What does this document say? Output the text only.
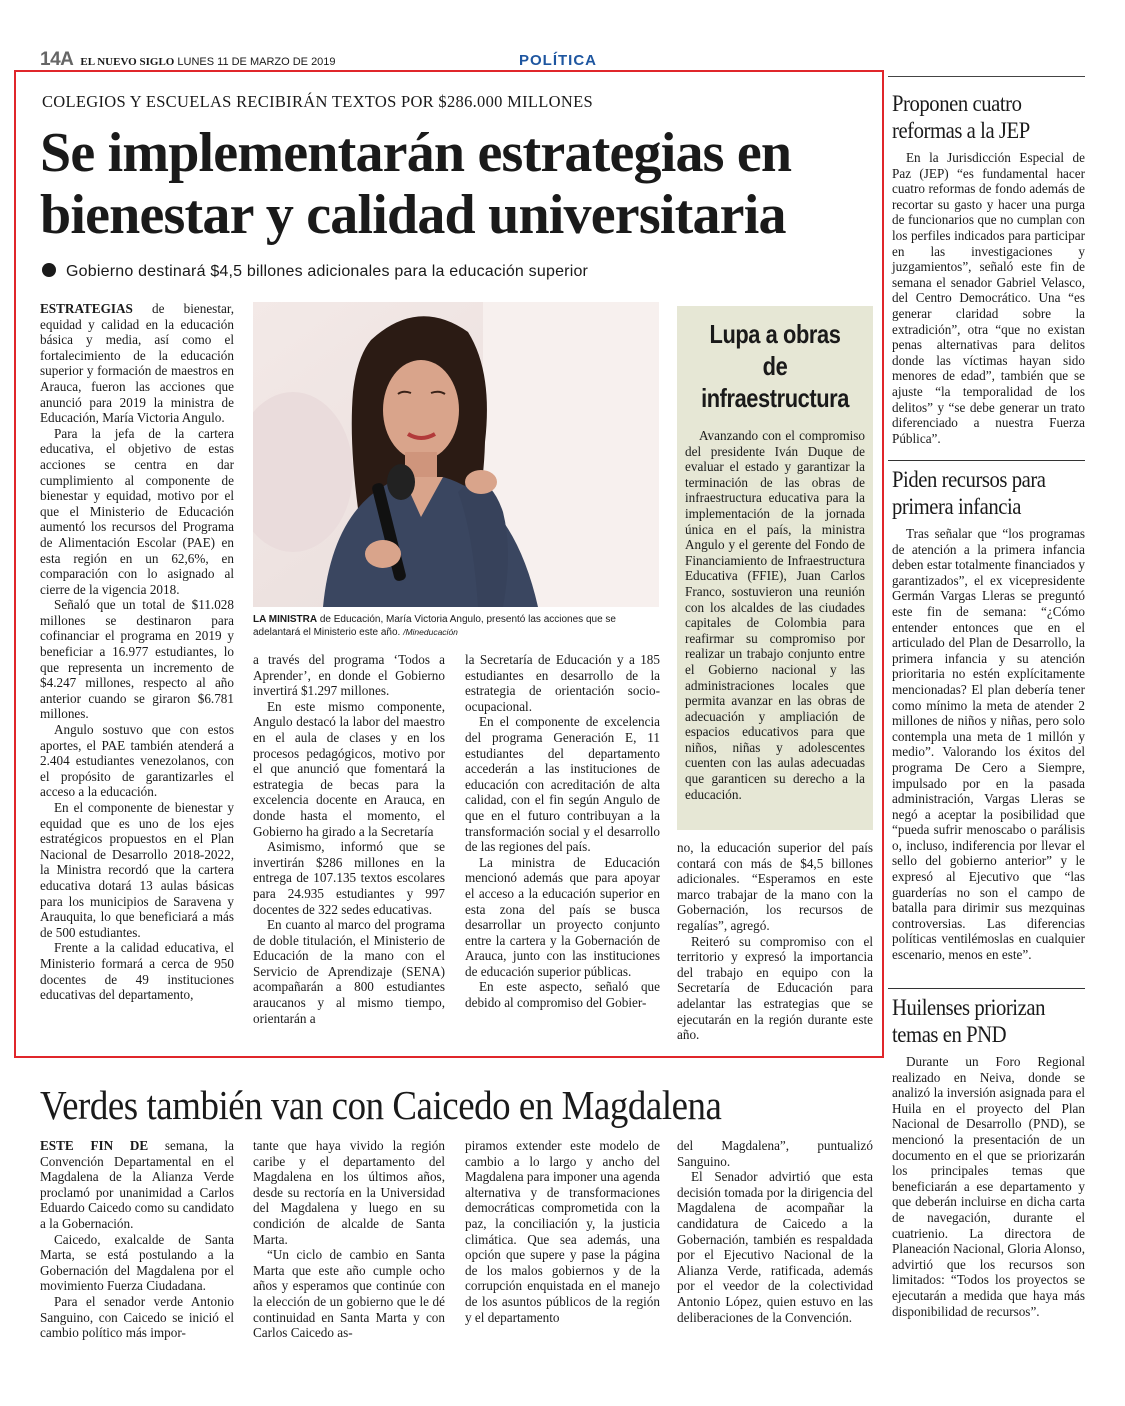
14A EL NUEVO SIGLO LUNES 11 DE MARZO DE 2019	POLÍTICA
COLEGIOS Y ESCUELAS RECIBIRÁN TEXTOS POR $286.000 MILLONES
Se implementarán estrategias en
bienestar y calidad universitaria
Gobierno destinará $4,5 billones adicionales para la educación superior

ESTRATEGIAS de bienestar, equidad y calidad en la educación básica y media, así como el fortalecimiento de la educación superior y formación de maestros en Arauca, fueron las acciones que anunció para 2019 la ministra de Educación, María Victoria Angulo.

Para la jefa de la cartera educativa, el objetivo de estas acciones se centra en dar cumplimiento al componente de bienestar y equidad, motivo por el que el Ministerio de Educación aumentó los recursos del Programa de Alimentación Escolar (PAE) en esta región en un 62,6%, en comparación con lo asignado al cierre de la vigencia 2018.

Señaló que un total de $11.028 millones se destinaron para cofinanciar el programa en 2019 y beneficiar a 16.977 estudiantes, lo que representa un incremento de $4.247 millones, respecto al año anterior cuando se giraron $6.781 millones.

Angulo sostuvo que con estos aportes, el PAE también atenderá a 2.404 estudiantes venezolanos, con el propósito de garantizarles el acceso a la educación.

En el componente de bienestar y equidad que es uno de los ejes estratégicos propuestos en el Plan Nacional de Desarrollo 2018-2022, la Ministra recordó que la cartera educativa dotará 13 aulas básicas para los municipios de Saravena y Arauquita, lo que beneficiará a más de 500 estudiantes.

Frente a la calidad educativa, el Ministerio formará a cerca de 950 docentes de 49 instituciones educativas del departamento,

LA MINISTRA de Educación, María Victoria Angulo, presentó las acciones que se adelantará el Ministerio este año. /Mineducación

a través del programa ‘Todos a Aprender’, en donde el Gobierno invertirá $1.297 millones.

En este mismo componente, Angulo destacó la labor del maestro en el aula de clases y en los procesos pedagógicos, motivo por el que anunció que fomentará la estrategia de becas para la excelencia docente en Arauca, en donde hasta el momento, el Gobierno ha girado a la Secretaría

Asimismo, informó que se invertirán $286 millones en la entrega de 107.135 textos escolares para 24.935 estudiantes y 997 docentes de 322 sedes educativas.

En cuanto al marco del programa de doble titulación, el Ministerio de Educación de la mano con el Servicio de Aprendizaje (SENA) acompañarán a 800 estudiantes araucanos y al mismo tiempo, orientarán a

la Secretaría de Educación y a 185 estudiantes en desarrollo de la estrategia de orientación socio-ocupacional.

En el componente de excelencia del programa Generación E, 11 estudiantes del departamento accederán a las instituciones de educación con acreditación de alta calidad, con el fin según Angulo de que en el futuro contribuyan a la transformación social y el desarrollo de las regiones del país.

La ministra de Educación mencionó además que para apoyar el acceso a la educación superior en esta zona del país se busca desarrollar un proyecto conjunto entre la cartera y la Gobernación de Arauca, junto con las instituciones de educación superior públicas.

En este aspecto, señaló que debido al compromiso del Gobier-

Lupa a obras de infraestructura
Avanzando con el compromiso del presidente Iván Duque de evaluar el estado y garantizar la terminación de las obras de infraestructura educativa para la implementación de la jornada única en el país, la ministra Angulo y el gerente del Fondo de Financiamiento de Infraestructura Educativa (FFIE), Juan Carlos Franco, sostuvieron una reunión con los alcaldes de las ciudades capitales de Colombia para reafirmar su compromiso por realizar un trabajo conjunto entre el Gobierno nacional y las administraciones locales que permita avanzar en las obras de adecuación y ampliación de espacios educativos para que niños, niñas y adolescentes cuenten con las aulas adecuadas que garanticen su derecho a la educación.

no, la educación superior del país contará con más de $4,5 billones adicionales. “Esperamos en este marco trabajar de la mano con la Gobernación, los recursos de regalías”, agregó.

Reiteró su compromiso con el territorio y expresó la importancia del trabajo en equipo con la Secretaría de Educación para adelantar las estrategias que se ejecutarán en la región durante este año.

Proponen cuatro
reformas a la JEP
En la Jurisdicción Especial de Paz (JEP) “es fundamental hacer cuatro reformas de fondo además de recortar su gasto y hacer una purga de funcionarios que no cumplan con los perfiles indicados para participar en las investigaciones y juzgamientos”, señaló este fin de semana el senador Gabriel Velasco, del Centro Democrático. Una “es generar claridad sobre la extradición”, otra “que no existan penas alternativas para delitos donde las víctimas hayan sido menores de edad”, también que se ajuste “la temporalidad de los delitos” y “se debe generar un trato diferenciado a nuestra Fuerza Pública”.
Piden recursos para
primera infancia
Tras señalar que “los programas de atención a la primera infancia deben estar totalmente financiados y garantizados”, el ex vicepresidente Germán Vargas Lleras se preguntó este fin de semana: “¿Cómo entender entonces que en el articulado del Plan de Desarrollo, la primera infancia y su atención prioritaria no estén explícitamente mencionadas? El plan debería tener como mínimo la meta de atender 2 millones de niños y niñas, pero solo contempla una meta de 1 millón y medio”. Valorando los éxitos del programa De Cero a Siempre, impulsado por en la pasada administración, Vargas Lleras se negó a aceptar la posibilidad que “pueda sufrir menoscabo o parálisis o, incluso, indiferencia por llevar el sello del gobierno anterior” y le expresó al Ejecutivo que “las guarderías no son el campo de batalla para dirimir sus mezquinas controversias. Las diferencias políticas ventilémoslas en cualquier escenario, menos en este”.
Huilenses priorizan
temas en PND
Durante un Foro Regional realizado en Neiva, donde se analizó la inversión asignada para el Huila en el proyecto del Plan Nacional de Desarrollo (PND), se mencionó la presentación de un documento en el que se priorizarán los principales temas que beneficiarán a ese departamento y que deberán incluirse en dicha carta de navegación, durante el cuatrienio. La directora de Planeación Nacional, Gloria Alonso, advirtió que los recursos son limitados: “Todos los proyectos se ejecutarán a medida que haya más disponibilidad de recursos”.
Verdes también van con Caicedo en Magdalena

ESTE FIN DE semana, la Convención Departamental en el Magdalena de la Alianza Verde proclamó por unanimidad a Carlos Eduardo Caicedo como su candidato a la Gobernación.

Caicedo, exalcalde de Santa Marta, se está postulando a la Gobernación del Magdalena por el movimiento Fuerza Ciudadana.

Para el senador verde Antonio Sanguino, con Caicedo se inició el cambio político más impor-

tante que haya vivido la región caribe y el departamento del Magdalena en los últimos años, desde su rectoría en la Universidad del Magdalena y luego en su condición de alcalde de Santa Marta.

“Un ciclo de cambio en Santa Marta que este año cumple ocho años y esperamos que continúe con la elección de un gobierno que le dé continuidad en Santa Marta y con Carlos Caicedo as-

piramos extender este modelo de cambio a lo largo y ancho del Magdalena para imponer una agenda alternativa y de transformaciones democráticas comprometida con la paz, la conciliación y, la justicia climática. Que sea además, una opción que supere y pase la página de los malos gobiernos y de la corrupción enquistada en el manejo de los asuntos públicos de la región y el departamento

del Magdalena”, puntualizó Sanguino.

El Senador advirtió que esta decisión tomada por la dirigencia del Magdalena de acompañar la candidatura de Caicedo a la Gobernación, también es respaldada por el Ejecutivo Nacional de la Alianza Verde, ratificada, además por el veedor de la colectividad Antonio López, quien estuvo en las deliberaciones de la Convención.
